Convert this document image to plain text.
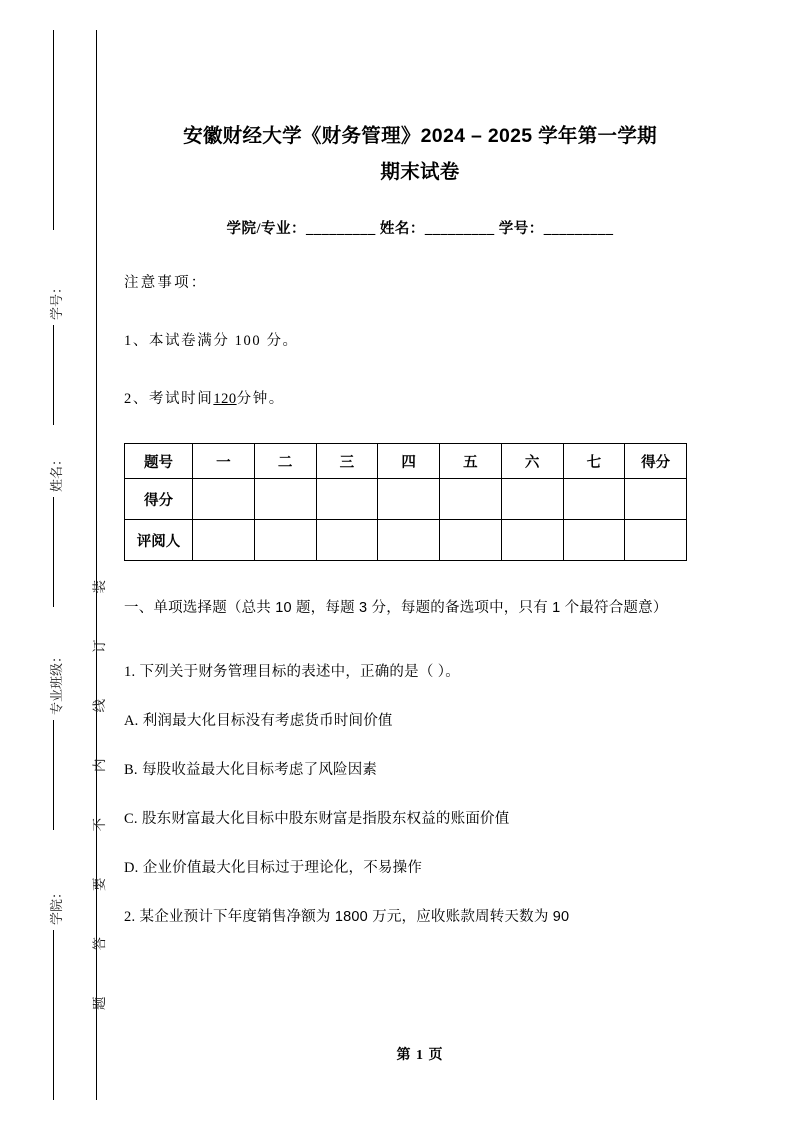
学号：
姓名：
专业班级：
学院： 题答要不内线订装
安徽财经大学《财务管理》2024 – 2025 学年第一学期
期末试卷

学院/专业：_________ 姓名：_________ 学号：_________

注意事项：

1、本试卷满分 100 分。

2、考试时间120分钟。

题号	一	二	三	四	五	六	七	得分
得分								
评阅人								

一、单项选择题（总共 10 题，每题 3 分，每题的备选项中，只有 1 个最符合题意）

1. 下列关于财务管理目标的表述中，正确的是（ ）。

A. 利润最大化目标没有考虑货币时间价值

B. 每股收益最大化目标考虑了风险因素

C. 股东财富最大化目标中股东财富是指股东权益的账面价值

D. 企业价值最大化目标过于理论化，不易操作

2. 某企业预计下年度销售净额为 1800 万元，应收账款周转天数为 90

第 1 页
